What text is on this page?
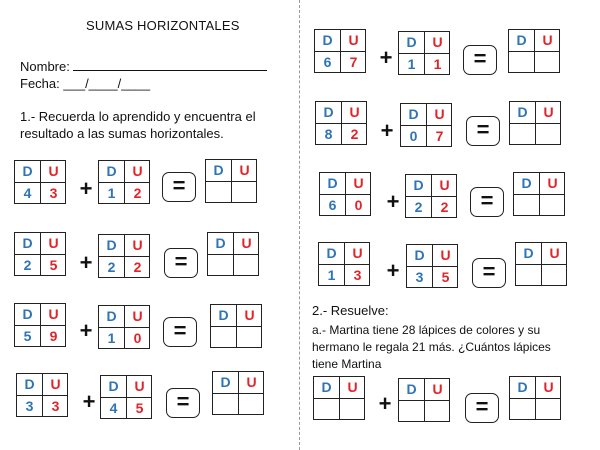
SUMAS HORIZONTALES
Nombre:
Fecha: ___/____/____
1.- Recuerda lo aprendido y encuentra el
resultado a las sumas horizontales.
D	U
4	3	+
D	U
1	2	=
D	U
D	U
2	5	+
D	U
2	2	=
D	U
D	U
5	9	+
D	U
1	0	=
D	U
D	U
3	3	+
D	U
4	5	=
D	U
D	U
6	7	+
D	U
1	1	=
D	U
D	U
8	2	+
D	U
0	7	=
D	U
D	U
6	0	+
D	U
2	2	=
D	U
D	U
1	3	+
D	U
3	5	=
D	U
D	U
+
D	U
=
D	U
2.- Resuelve:
a.- Martina tiene 28 lápices de colores y su
hermano le regala 21 más. ¿Cuántos lápices
tiene Martina
